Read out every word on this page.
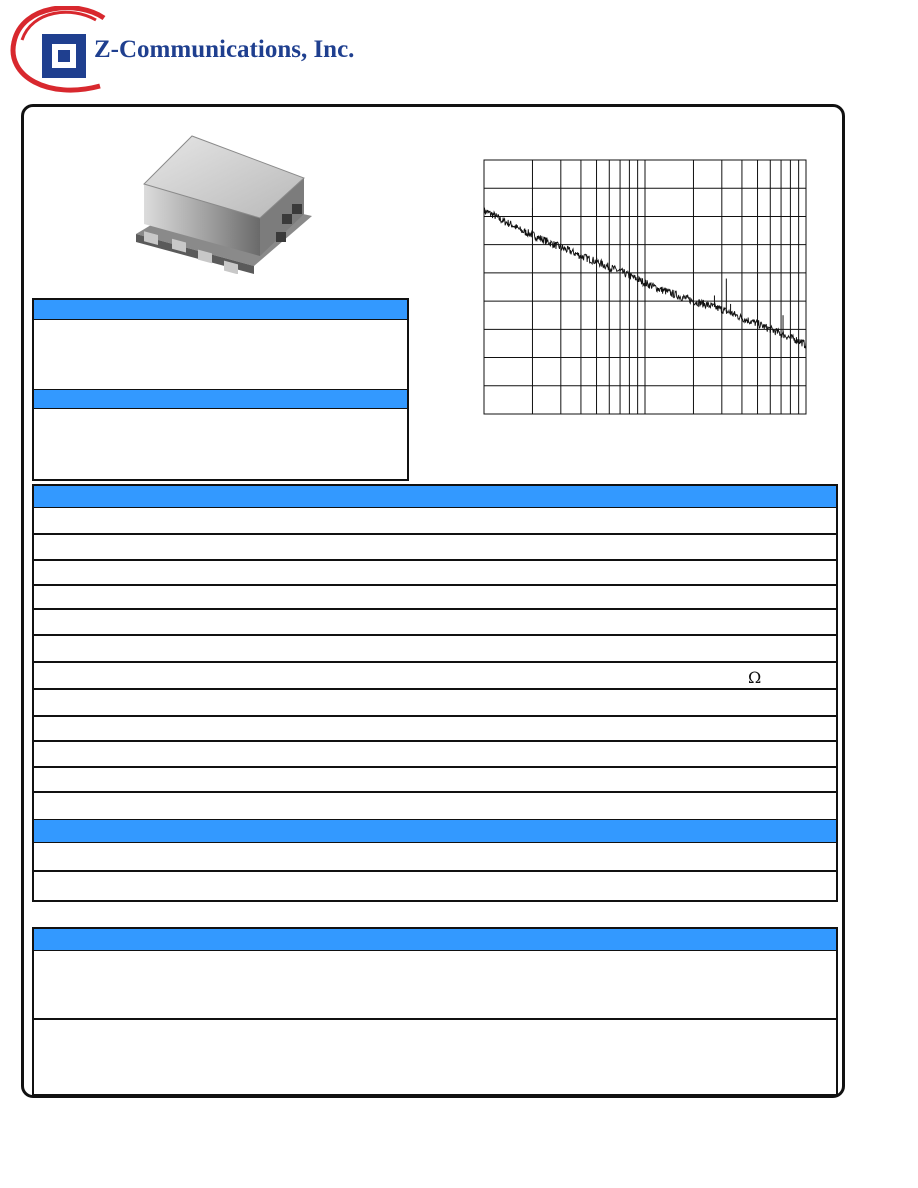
Z-Communications, Inc.
Ω
